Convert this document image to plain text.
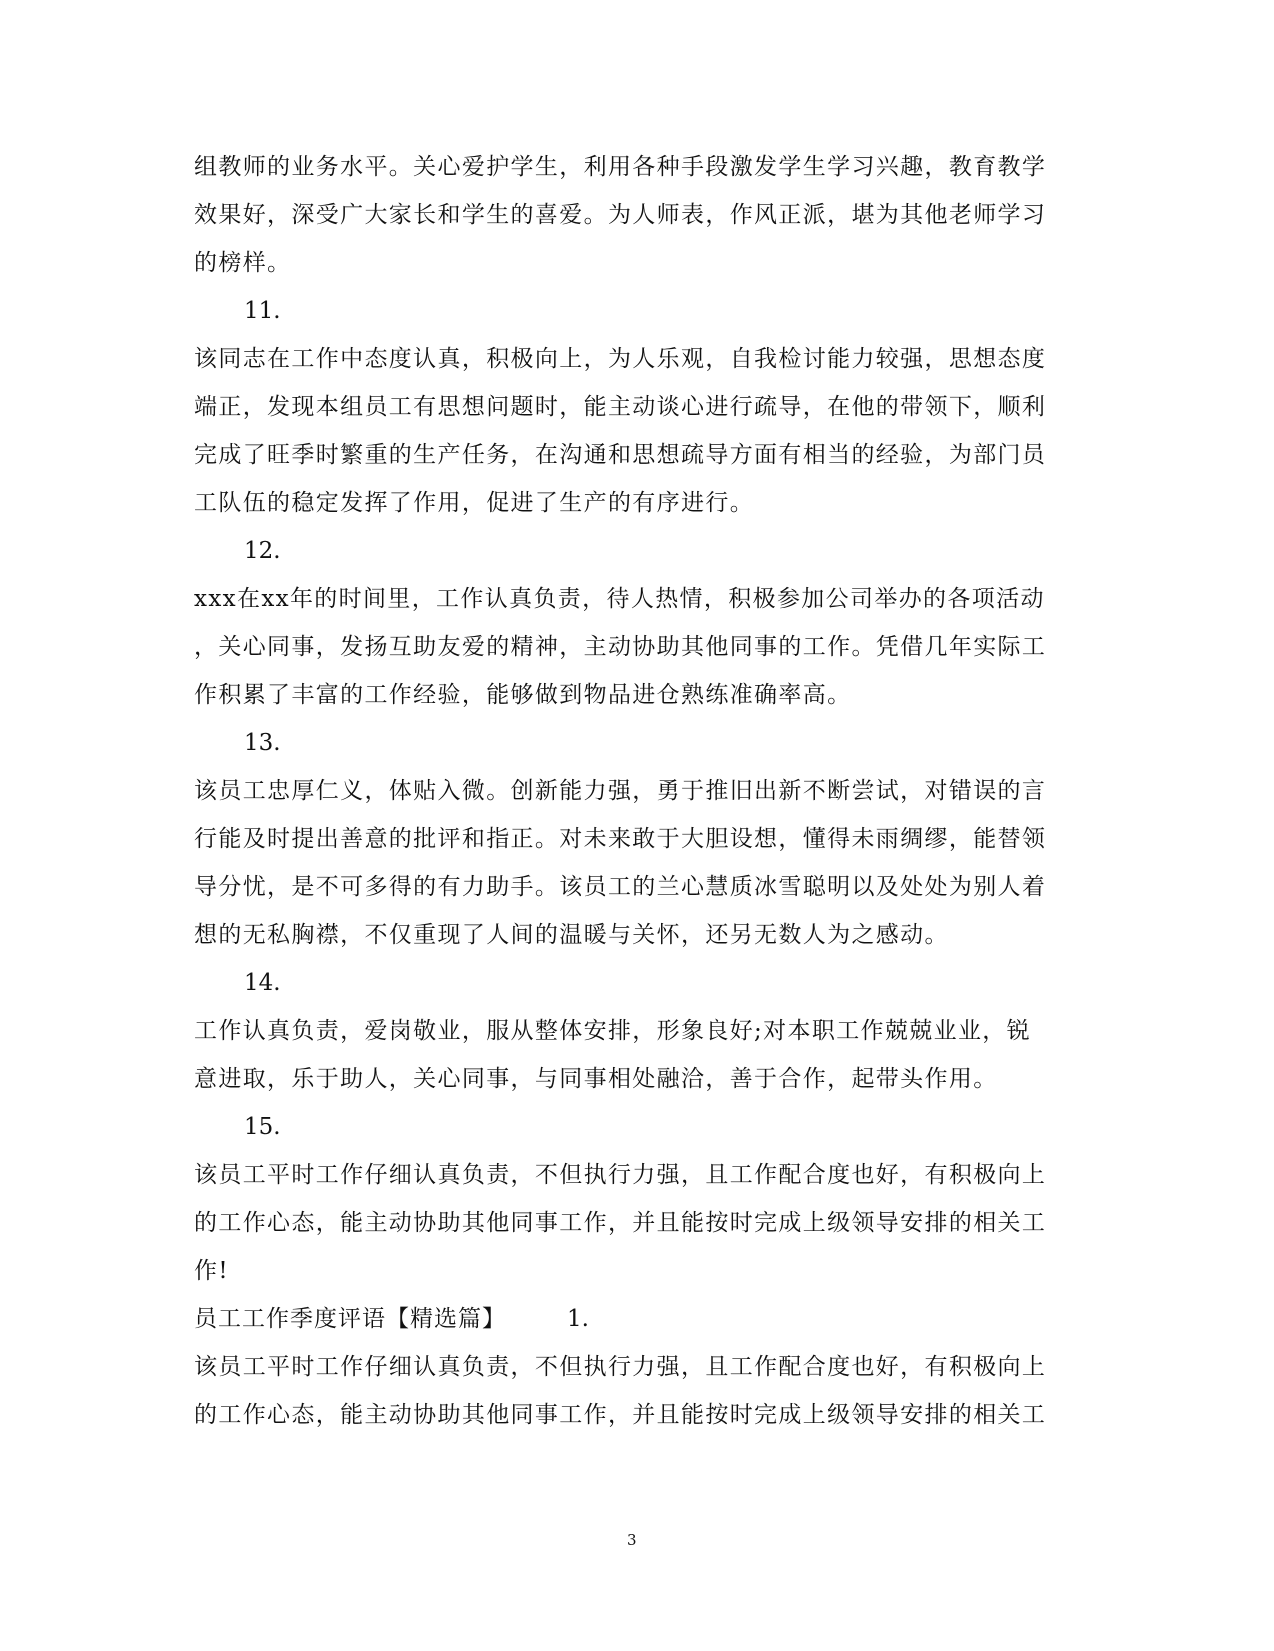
组教师的业务水平。关心爱护学生，利用各种手段激发学生学习兴趣，教育教学
效果好，深受广大家长和学生的喜爱。为人师表，作风正派，堪为其他老师学习
的榜样。
11.
该同志在工作中态度认真，积极向上，为人乐观，自我检讨能力较强，思想态度
端正，发现本组员工有思想问题时，能主动谈心进行疏导，在他的带领下，顺利
完成了旺季时繁重的生产任务，在沟通和思想疏导方面有相当的经验，为部门员
工队伍的稳定发挥了作用，促进了生产的有序进行。
12.
xxx在xx年的时间里，工作认真负责，待人热情，积极参加公司举办的各项活动
，关心同事，发扬互助友爱的精神，主动协助其他同事的工作。凭借几年实际工
作积累了丰富的工作经验，能够做到物品进仓熟练准确率高。
13.
该员工忠厚仁义，体贴入微。创新能力强，勇于推旧出新不断尝试，对错误的言
行能及时提出善意的批评和指正。对未来敢于大胆设想，懂得未雨绸缪，能替领
导分忧，是不可多得的有力助手。该员工的兰心慧质冰雪聪明以及处处为别人着
想的无私胸襟，不仅重现了人间的温暖与关怀，还另无数人为之感动。
14.
工作认真负责，爱岗敬业，服从整体安排，形象良好;对本职工作兢兢业业，锐
意进取，乐于助人，关心同事，与同事相处融洽，善于合作，起带头作用。
15.
该员工平时工作仔细认真负责，不但执行力强，且工作配合度也好，有积极向上
的工作心态，能主动协助其他同事工作，并且能按时完成上级领导安排的相关工
作!
员工工作季度评语【精选篇】	1.
该员工平时工作仔细认真负责，不但执行力强，且工作配合度也好，有积极向上
的工作心态，能主动协助其他同事工作，并且能按时完成上级领导安排的相关工
3
